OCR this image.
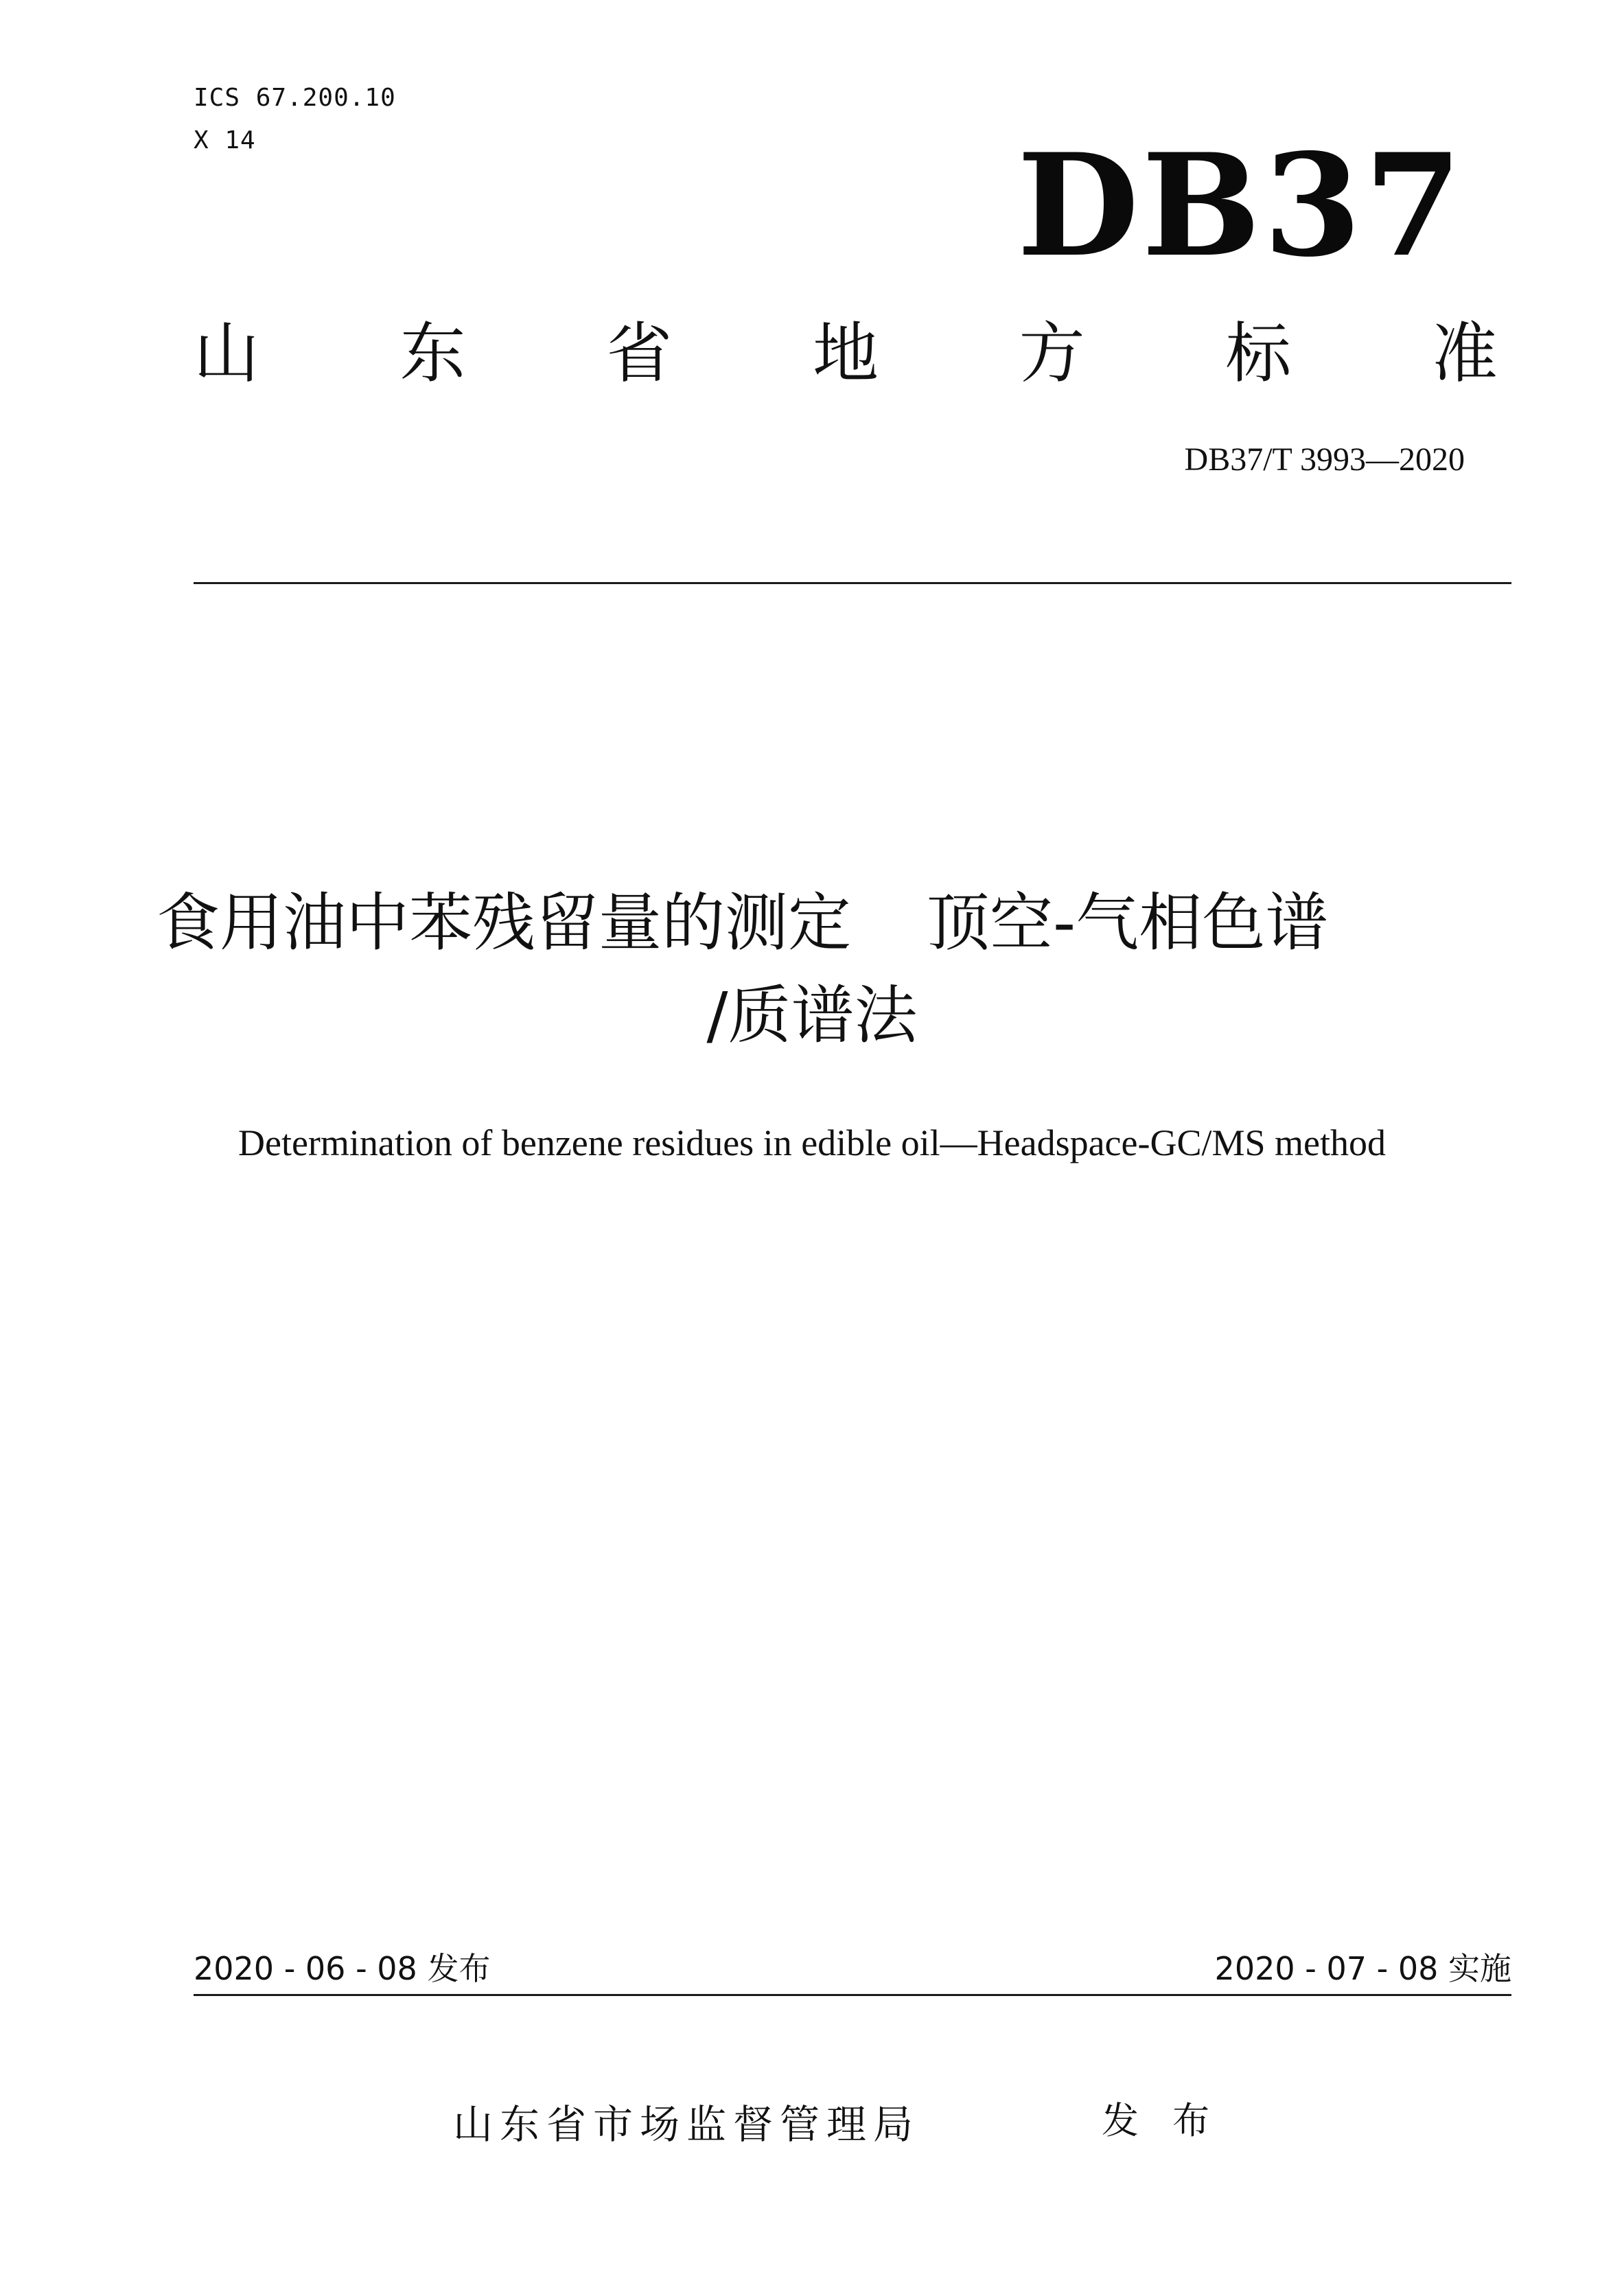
ICS 67.200.10

X 14	DB37
山 东 省 地 方 标 准
DB37/T 3993—2020
食用油中苯残留量的测定 顶空-气相色谱
/质谱法
Determination of benzene residues in edible oil—Headspace-GC/MS method
2020 - 06 - 08 发布	2020 - 07 - 08 实施
山东省市场监督管理局	发 布
